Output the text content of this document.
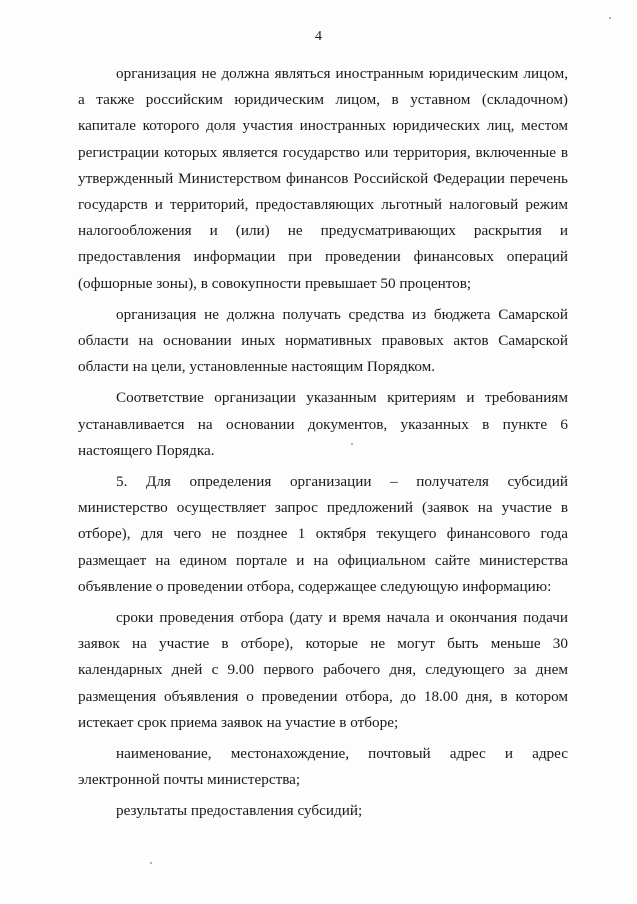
4

организация не должна являться иностранным юридическим лицом, а также российским юридическим лицом, в уставном (складочном) капитале которого доля участия иностранных юридических лиц, местом регистрации которых является государство или территория, включенные в утвержденный Министерством финансов Российской Федерации перечень государств и территорий, предоставляющих льготный налоговый режим налогообложения и (или) не предусматривающих раскрытия и предоставления информации при проведении финансовых операций (офшорные зоны), в совокупности превышает 50 процентов;

организация не должна получать средства из бюджета Самарской области на основании иных нормативных правовых актов Самарской области на цели, установленные настоящим Порядком.

Соответствие организации указанным критериям и требованиям устанавливается на основании документов, указанных в пункте 6 настоящего Порядка.

5. Для определения организации – получателя субсидий министерство осуществляет запрос предложений (заявок на участие в отборе), для чего не позднее 1 октября текущего финансового года размещает на едином портале и на официальном сайте министерства объявление о проведении отбора, содержащее следующую информацию:

сроки проведения отбора (дату и время начала и окончания подачи заявок на участие в отборе), которые не могут быть меньше 30 календарных дней с 9.00 первого рабочего дня, следующего за днем размещения объявления о проведении отбора, до 18.00 дня, в котором истекает срок приема заявок на участие в отборе;

наименование, местонахождение, почтовый адрес и адрес электронной почты министерства;

результаты предоставления субсидий;
